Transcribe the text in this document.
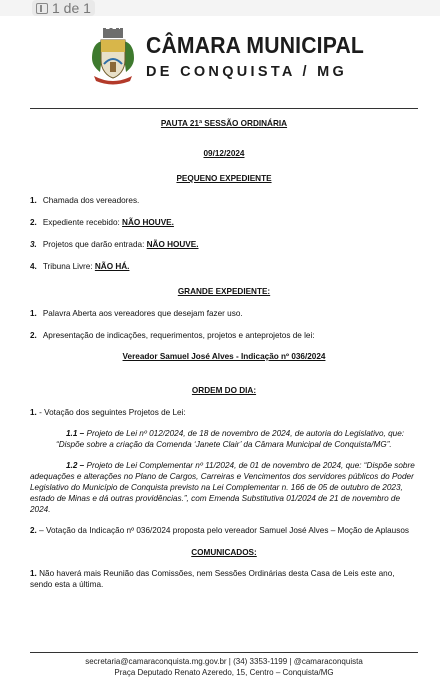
1 de 1
CÂMARA MUNICIPAL
DE CONQUISTA / MG

PAUTA 21ª SESSÃO ORDINÁRIA

09/12/2024

PEQUENO EXPEDIENTE

1. Chamada dos vereadores.
2. Expediente recebido: NÃO HOUVE.
3. Projetos que darão entrada: NÃO HOUVE.
4. Tribuna Livre: NÃO HÁ.

GRANDE EXPEDIENTE:

1. Palavra Aberta aos vereadores que desejam fazer uso.
2. Apresentação de indicações, requerimentos, projetos e anteprojetos de lei:

Vereador Samuel José Alves - Indicação nº 036/2024

ORDEM DO DIA:

1. - Votação dos seguintes Projetos de Lei:

1.1 – Projeto de Lei nº 012/2024, de 18 de novembro de 2024, de autoria do Legislativo, que: “Dispõe sobre a criação da Comenda ‘Janete Clair’ da Câmara Municipal de Conquista/MG”.

1.2 – Projeto de Lei Complementar nº 11/2024, de 01 de novembro de 2024, que: “Dispõe sobre adequações e alterações no Plano de Cargos, Carreiras e Vencimentos dos servidores públicos do Poder Legislativo do Município de Conquista previsto na Lei Complementar n. 166 de 05 de outubro de 2023, estado de Minas e dá outras providências.”, com Emenda Substitutiva 01/2024 de 21 de novembro de 2024.

2. – Votação da Indicação nº 036/2024 proposta pelo vereador Samuel José Alves – Moção de Aplausos

COMUNICADOS:

1. Não haverá mais Reunião das Comissões, nem Sessões Ordinárias desta Casa de Leis este ano, sendo esta a última.

secretaria@camaraconquista.mg.gov.br | (34) 3353-1199 | @camaraconquista
Praça Deputado Renato Azeredo, 15, Centro – Conquista/MG
